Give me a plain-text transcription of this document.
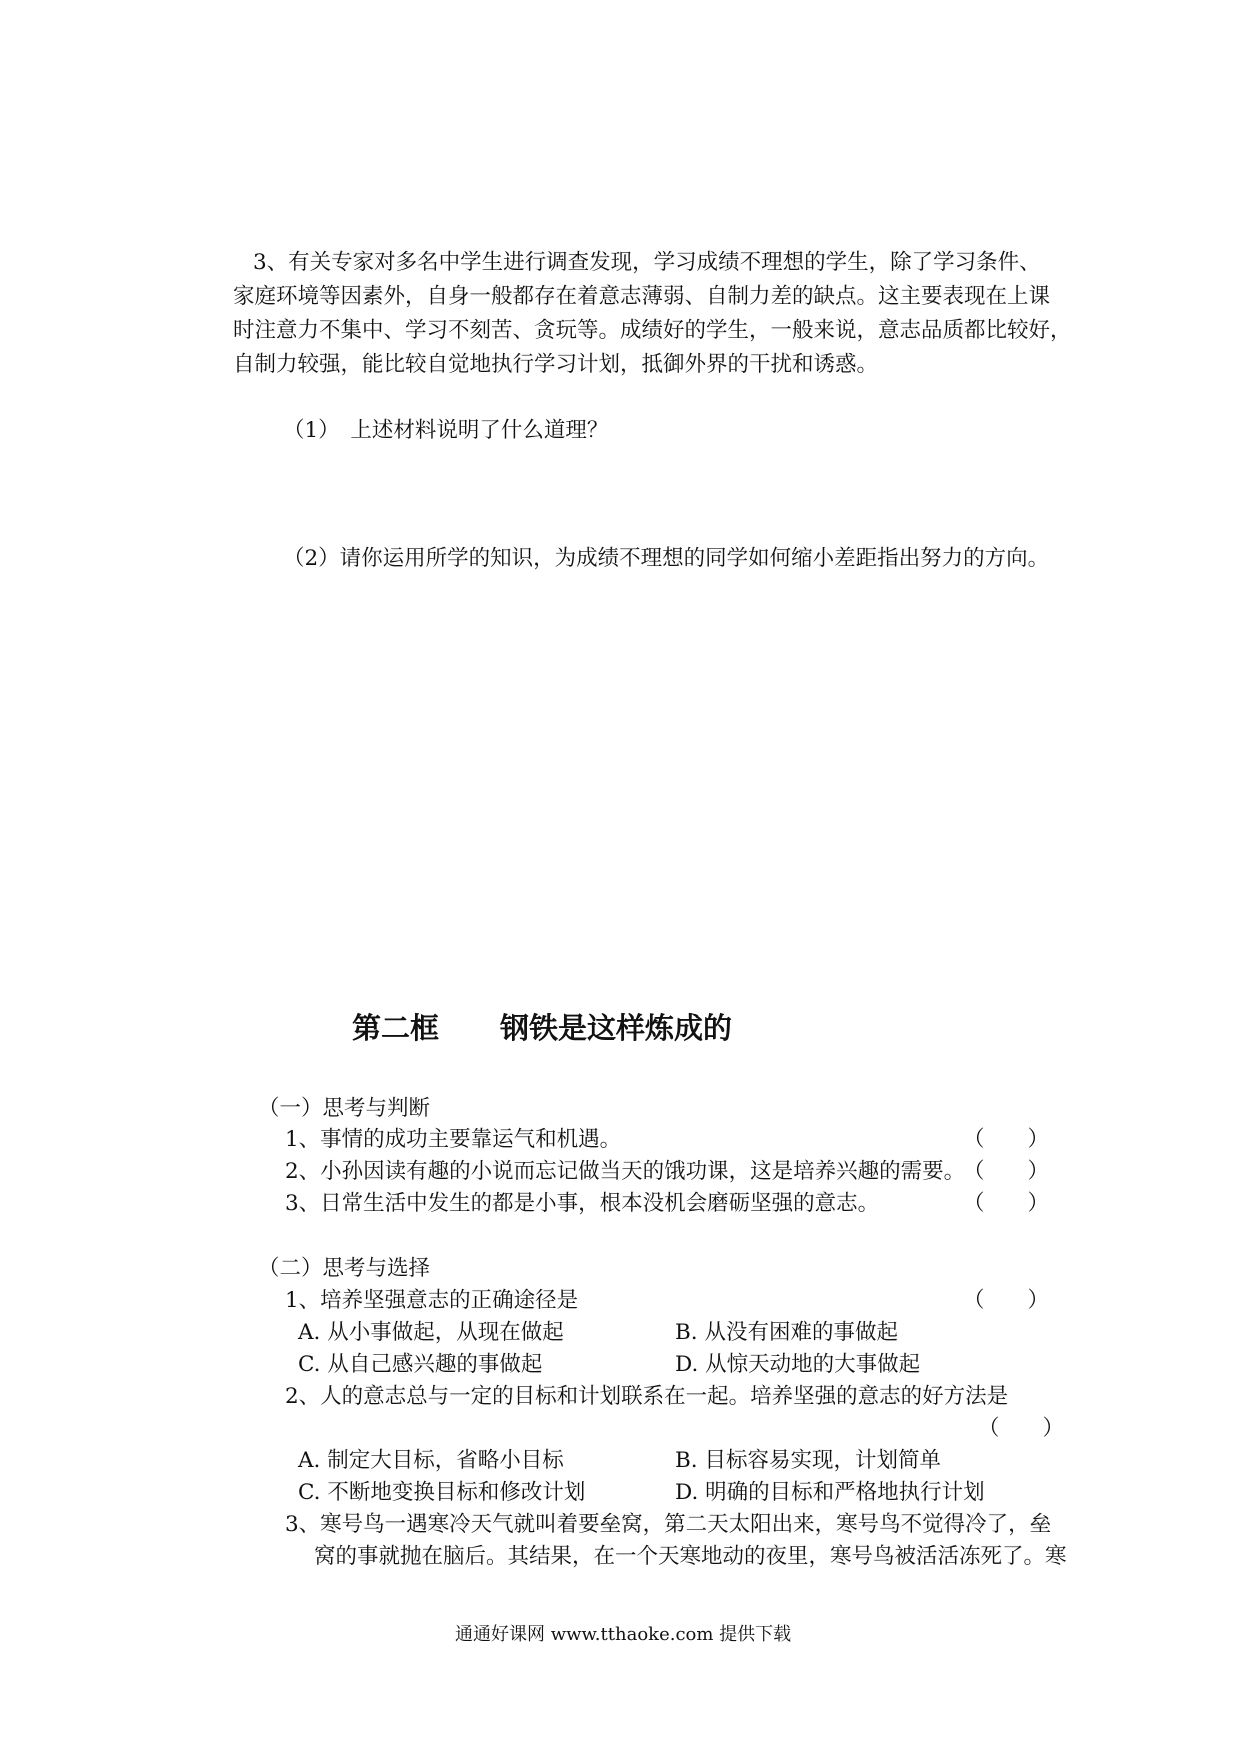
3、有关专家对多名中学生进行调查发现，学习成绩不理想的学生，除了学习条件、
家庭环境等因素外，自身一般都存在着意志薄弱、自制力差的缺点。这主要表现在上课
时注意力不集中、学习不刻苦、贪玩等。成绩好的学生，一般来说，意志品质都比较好，
自制力较强，能比较自觉地执行学习计划，抵御外界的干扰和诱惑。
（1）　上述材料说明了什么道理？
（2）请你运用所学的知识，为成绩不理想的同学如何缩小差距指出努力的方向。
第二框 钢铁是这样炼成的
（一）思考与判断
1、事情的成功主要靠运气和机遇。	（　　）
2、小孙因读有趣的小说而忘记做当天的饿功课，这是培养兴趣的需要。
（　　）
3、日常生活中发生的都是小事，根本没机会磨砺坚强的意志。	（　　）
（二）思考与选择
1、培养坚强意志的正确途径是	（　　）
A. 从小事做起，从现在做起	B. 从没有困难的事做起
C. 从自己感兴趣的事做起	D. 从惊天动地的大事做起
2、人的意志总与一定的目标和计划联系在一起。培养坚强的意志的好方法是
（　　）
A. 制定大目标，省略小目标	B. 目标容易实现，计划简单
C. 不断地变换目标和修改计划	D. 明确的目标和严格地执行计划
3、寒号鸟一遇寒冷天气就叫着要垒窝，第二天太阳出来，寒号鸟不觉得冷了，垒
窝的事就抛在脑后。其结果，在一个天寒地动的夜里，寒号鸟被活活冻死了。寒
通通好课网 www.tthaoke.com 提供下载
